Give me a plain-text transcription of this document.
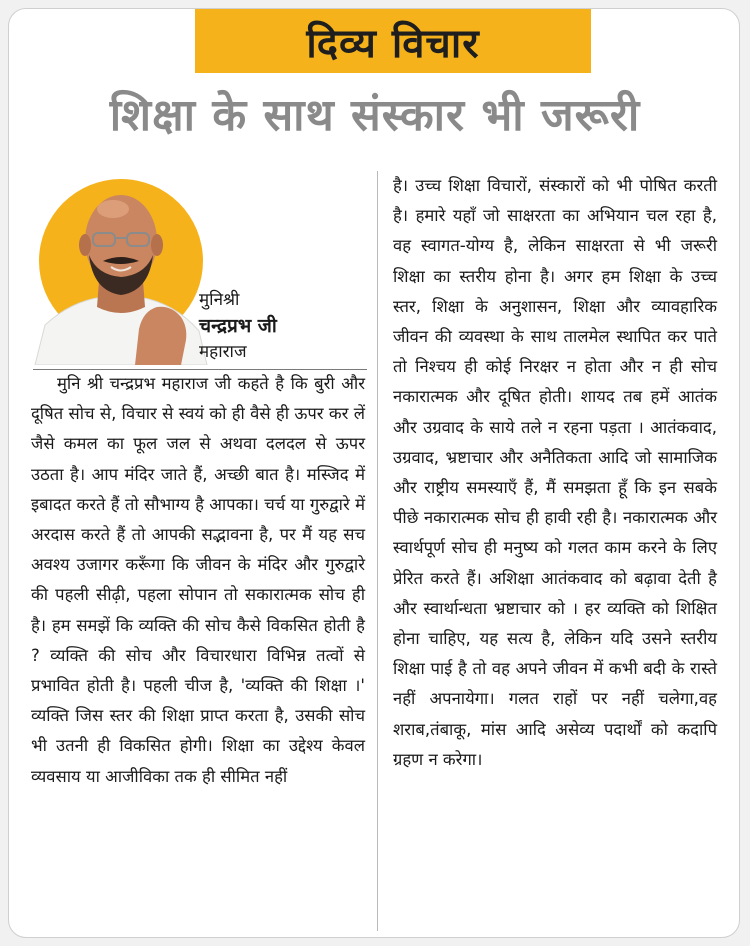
दिव्य विचार
शिक्षा के साथ संस्कार भी जरूरी
मुनिश्री
चन्द्रप्रभ जी
महाराज

मुनि श्री चन्द्रप्रभ महाराज जी कहते है कि बुरी और दूषित सोच से, विचार से स्वयं को ही वैसे ही ऊपर कर लें जैसे कमल का फूल जल से अथवा दलदल से ऊपर उठता है। आप मंदिर जाते हैं, अच्छी बात है। मस्जिद में इबादत करते हैं तो सौभाग्य है आपका। चर्च या गुरुद्वारे में अरदास करते हैं तो आपकी सद्भावना है, पर मैं यह सच अवश्य उजागर करूँगा कि जीवन के मंदिर और गुरुद्वारे की पहली सीढ़ी, पहला सोपान तो सकारात्मक सोच ही है। हम समझें कि व्यक्ति की सोच कैसे विकसित होती है ? व्यक्ति की सोच और विचारधारा विभिन्न तत्वों से प्रभावित होती है। पहली चीज है, 'व्यक्ति की शिक्षा ।' व्यक्ति जिस स्तर की शिक्षा प्राप्त करता है, उसकी सोच भी उतनी ही विकसित होगी। शिक्षा का उद्देश्य केवल व्यवसाय या आजीविका तक ही सीमित नहीं

है। उच्च शिक्षा विचारों, संस्कारों को भी पोषित करती है। हमारे यहाँ जो साक्षरता का अभियान चल रहा है, वह स्वागत-योग्य है, लेकिन साक्षरता से भी जरूरी शिक्षा का स्तरीय होना है। अगर हम शिक्षा के उच्च स्तर, शिक्षा के अनुशासन, शिक्षा और व्यावहारिक जीवन की व्यवस्था के साथ तालमेल स्थापित कर पाते तो निश्चय ही कोई निरक्षर न होता और न ही सोच नकारात्मक और दूषित होती। शायद तब हमें आतंक और उग्रवाद के साये तले न रहना पड़ता । आतंकवाद, उग्रवाद, भ्रष्टाचार और अनैतिकता आदि जो सामाजिक और राष्ट्रीय समस्याएँ हैं, मैं समझता हूँ कि इन सबके पीछे नकारात्मक सोच ही हावी रही है। नकारात्मक और स्वार्थपूर्ण सोच ही मनुष्य को गलत काम करने के लिए प्रेरित करते हैं। अशिक्षा आतंकवाद को बढ़ावा देती है और स्वार्थान्धता भ्रष्टाचार को । हर व्यक्ति को शिक्षित होना चाहिए, यह सत्य है, लेकिन यदि उसने स्तरीय शिक्षा पाई है तो वह अपने जीवन में कभी बदी के रास्ते नहीं अपनायेगा। गलत राहों पर नहीं चलेगा,वह शराब,तंबाकू, मांस आदि असेव्य पदार्थों को कदापि ग्रहण न करेगा।
